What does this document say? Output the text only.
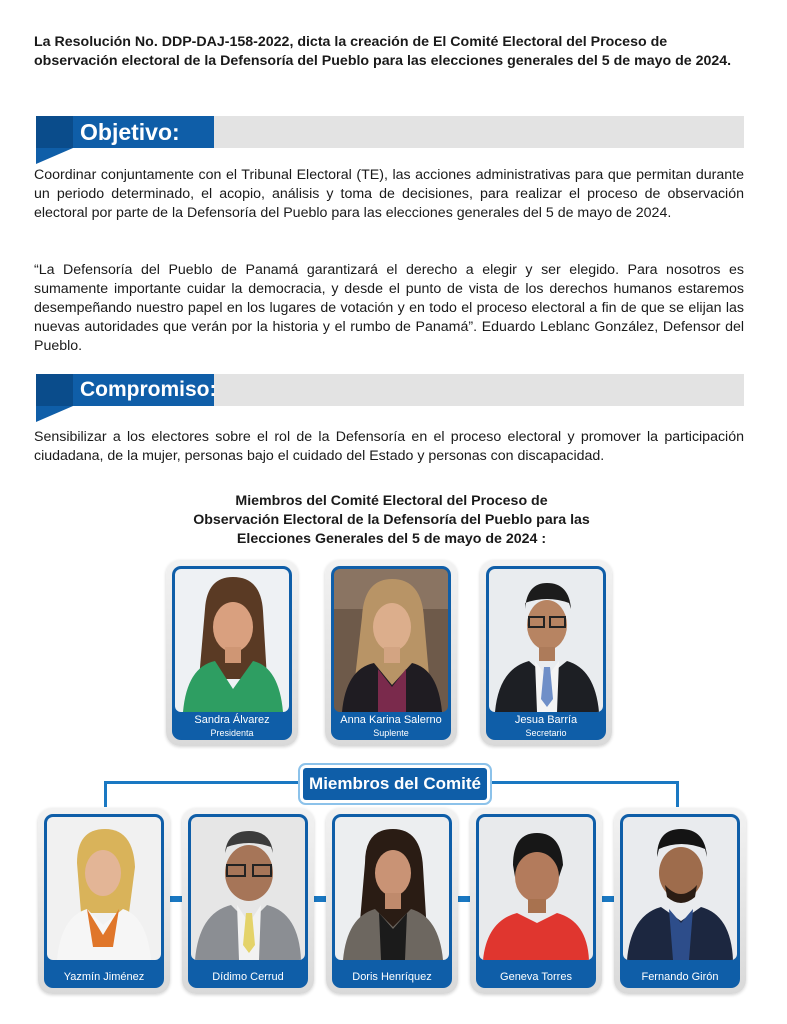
La Resolución No. DDP-DAJ-158-2022, dicta la creación de El Comité Electoral del Proceso de observación electoral de la Defensoría del Pueblo para las elecciones generales del 5 de mayo de 2024.

Objetivo:

Coordinar conjuntamente con el Tribunal Electoral (TE), las acciones administrativas para que permitan durante un periodo determinado, el acopio, análisis y toma de decisiones, para realizar el proceso de observación electoral por parte de la Defensoría del Pueblo para las elecciones generales del 5 de mayo de 2024.

“La Defensoría del Pueblo de Panamá garantizará el derecho a elegir y ser elegido. Para nosotros es sumamente importante cuidar la democracia, y desde el punto de vista de los derechos humanos estaremos desempeñando nuestro papel en los lugares de votación y en todo el proceso electoral a fin de que se elijan las nuevas autoridades que verán por la historia y el rumbo de Panamá”. Eduardo Leblanc González, Defensor del Pueblo.

Compromiso:

Sensibilizar a los electores sobre el rol de la Defensoría en el proceso electoral y promover la participación ciudadana, de la mujer, personas bajo el cuidado del Estado y personas con discapacidad.

Miembros del Comité Electoral del Proceso de
Observación Electoral de la Defensoría del Pueblo para las
Elecciones Generales del 5 de mayo de 2024 :
Sandra Álvarez
Presidenta
Anna Karina Salerno
Suplente
Jesua Barría
Secretario
Miembros del Comité
Yazmín Jiménez	Dídimo Cerrud	Doris Henríquez	Geneva Torres	Fernando Girón
